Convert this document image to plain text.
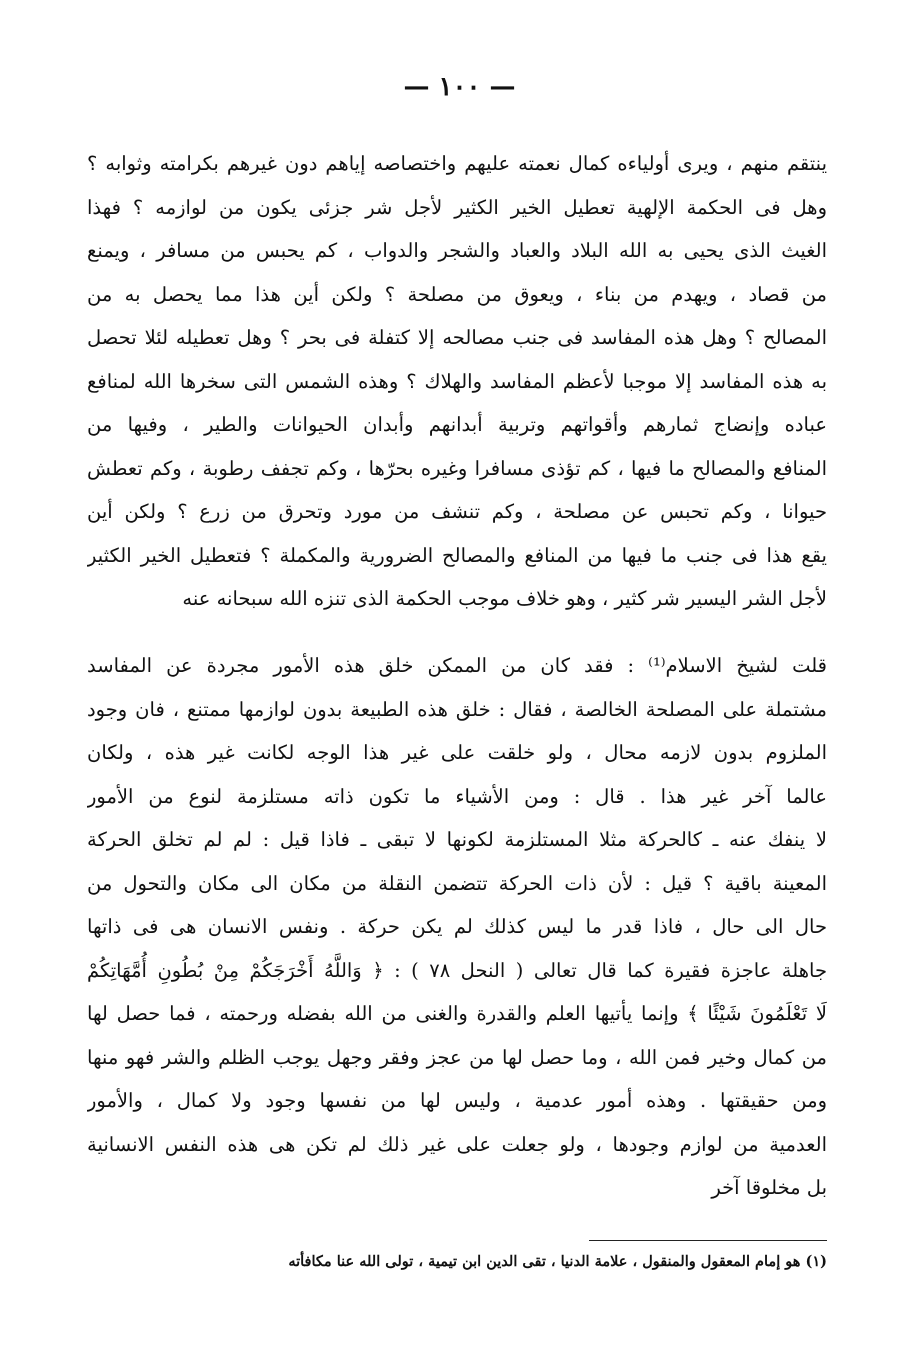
— ١٠٠ —
ينتقم منهم ، ويرى أولياءه كمال نعمته عليهم واختصاصه إياهم دون غيرهم بكرامته وثوابه ؟
وهل فى الحكمة الإلهية تعطيل الخير الكثير لأجل شر جزئى يكون من لوازمه ؟ فهذا
الغيث الذى يحيى به الله البلاد والعباد والشجر والدواب ، كم يحبس من مسافر ، ويمنع
من قصاد ، ويهدم من بناء ، ويعوق من مصلحة ؟ ولكن أين هذا مما يحصل به من
المصالح ؟ وهل هذه المفاسد فى جنب مصالحه إلا كتفلة فى بحر ؟ وهل تعطيله لئلا تحصل
به هذه المفاسد إلا موجبا لأعظم المفاسد والهلاك ؟ وهذه الشمس التى سخرها الله لمنافع
عباده وإنضاج ثمارهم وأقواتهم وتربية أبدانهم وأبدان الحيوانات والطير ، وفيها من
المنافع والمصالح ما فيها ، كم تؤذى مسافرا وغيره بحرّها ، وكم تجفف رطوبة ، وكم تعطش
حيوانا ، وكم تحبس عن مصلحة ، وكم تنشف من مورد وتحرق من زرع ؟ ولكن أين
يقع هذا فى جنب ما فيها من المنافع والمصالح الضرورية والمكملة ؟ فتعطيل الخير الكثير
لأجل الشر اليسير شر كثير ، وهو خلاف موجب الحكمة الذى تنزه الله سبحانه عنه
قلت لشيخ الاسلام⁽¹⁾ : فقد كان من الممكن خلق هذه الأمور مجردة عن المفاسد
مشتملة على المصلحة الخالصة ، فقال : خلق هذه الطبيعة بدون لوازمها ممتنع ، فان وجود
الملزوم بدون لازمه محال ، ولو خلقت على غير هذا الوجه لكانت غير هذه ، ولكان
عالما آخر غير هذا . قال : ومن الأشياء ما تكون ذاته مستلزمة لنوع من الأمور
لا ينفك عنه ـ كالحركة مثلا المستلزمة لكونها لا تبقى ـ فاذا قيل : لم لم تخلق الحركة
المعينة باقية ؟ قيل : لأن ذات الحركة تتضمن النقلة من مكان الى مكان والتحول من
حال الى حال ، فاذا قدر ما ليس كذلك لم يكن حركة . ونفس الانسان هى فى ذاتها
جاهلة عاجزة فقيرة كما قال تعالى ( النحل ٧٨ ) : ﴿ وَاللَّهُ أَخْرَجَكُمْ مِنْ بُطُونِ أُمَّهَاتِكُمْ
لَا تَعْلَمُونَ شَيْئًا ﴾ وإنما يأتيها العلم والقدرة والغنى من الله بفضله ورحمته ، فما حصل لها
من كمال وخير فمن الله ، وما حصل لها من عجز وفقر وجهل يوجب الظلم والشر فهو منها
ومن حقيقتها . وهذه أمور عدمية ، وليس لها من نفسها وجود ولا كمال ، والأمور
العدمية من لوازم وجودها ، ولو جعلت على غير ذلك لم تكن هى هذه النفس الانسانية
بل مخلوقا آخر
(١) هو إمام المعقول والمنقول ، علامة الدنيا ، تقى الدين ابن تيمية ، تولى الله عنا مكافأته
